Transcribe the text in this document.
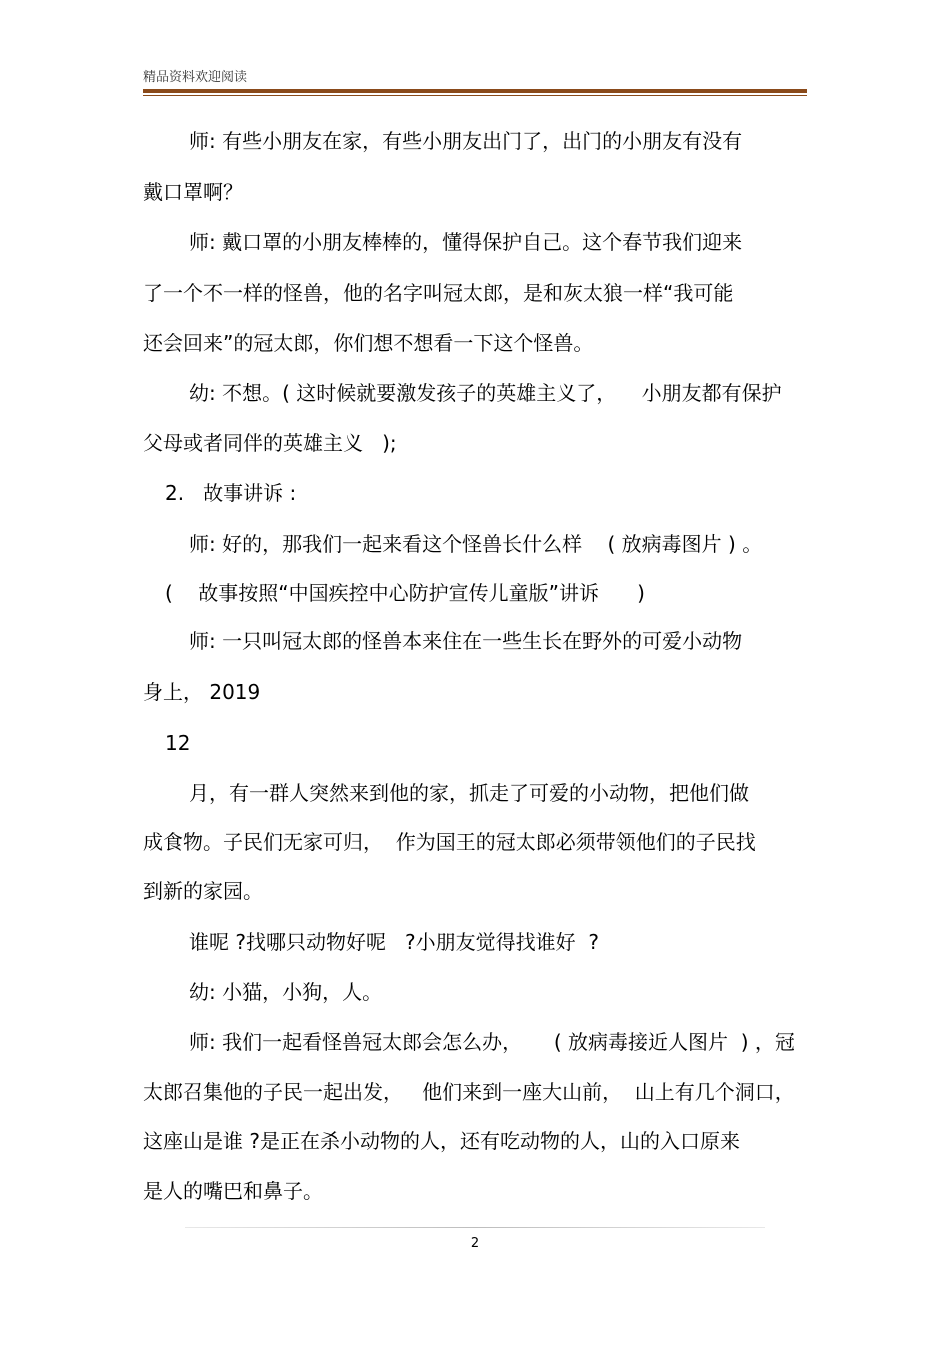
精品资料欢迎阅读
师: 有些小朋友在家，有些小朋友出门了，出门的小朋友有没有
戴口罩啊？
师: 戴口罩的小朋友棒棒的，懂得保护自己。这个春节我们迎来
了一个不一样的怪兽，他的名字叫冠太郎，是和灰太狼一样“我可能
还会回来”的冠太郎，你们想不想看一下这个怪兽。
幼: 不想。( 这时候就要激发孩子的英雄主义了，    小朋友都有保护
父母或者同伴的英雄主义   );
2.   故事讲诉 :
师: 好的，那我们一起来看这个怪兽长什么样    ( 放病毒图片 ) 。
(    故事按照“中国疾控中心防护宣传儿童版”讲诉      )
师: 一只叫冠太郎的怪兽本来住在一些生长在野外的可爱小动物
身上， 2019
12
月，有一群人突然来到他的家，抓走了可爱的小动物，把他们做
成食物。子民们无家可归，  作为国王的冠太郎必须带领他们的子民找
到新的家园。
谁呢 ?找哪只动物好呢   ?小朋友觉得找谁好  ?
幼: 小猫，小狗，人。
师: 我们一起看怪兽冠太郎会怎么办，     ( 放病毒接近人图片  ) ，冠
太郎召集他的子民一起出发，   他们来到一座大山前，  山上有几个洞口，
这座山是谁 ?是正在杀小动物的人，还有吃动物的人，山的入口原来
是人的嘴巴和鼻子。
2
